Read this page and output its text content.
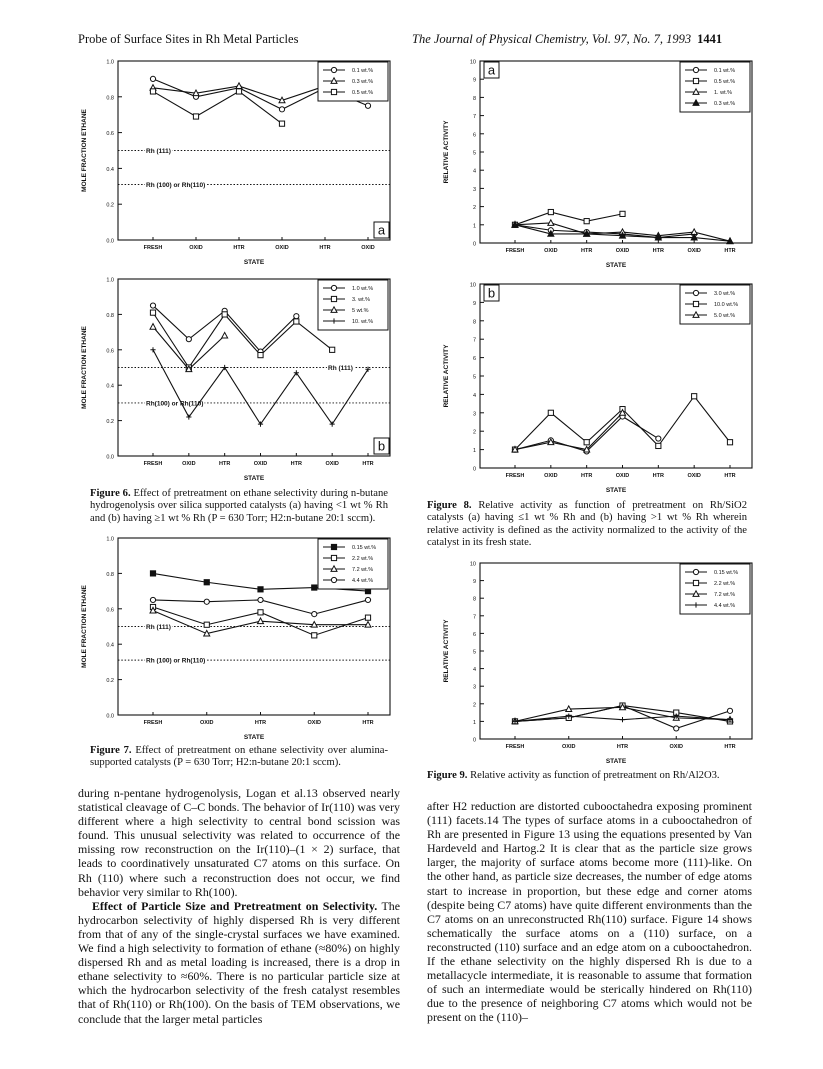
Probe of Surface Sites in Rh Metal Particles	The Journal of Physical Chemistry, Vol. 97, No. 7, 1993 1441
0.0
0.2
0.4
0.6
0.8
1.0
FRESH	OXID	HTR	OXID	HTR	OXID
STATE
MOLE FRACTION ETHANE	Rh (111)
Rh (100) or Rh(110)
0.1 wt.%
0.3 wt.%
0.5 wt.%
a
0.0
0.2
0.4
0.6
0.8
1.0
FRESH	OXID	HTR	OXID	HTR	OXID	HTR
STATE
MOLE FRACTION ETHANE	Rh (111)
Rh(100) or Rh(110)
1.0 wt.%
3. wt.%
5 wt.%
10. wt.%
b
0.0
0.2
0.4
0.6
0.8
1.0
FRESH	OXID	HTR	OXID	HTR
STATE
MOLE FRACTION ETHANE	Rh (111)
Rh (100) or Rh(110)
0.15 wt.%
2.2 wt.%
7.2 wt.%
4.4 wt.%
0
1
2
3
4
5
6
7
8
9
10
FRESH	OXID	HTR	OXID	HTR	OXID	HTR
STATE
RELATIVE ACTIVITY
0.1 wt.%
0.5 wt.%
1. wt.%
0.3 wt.%
a
0
1
2
3
4
5
6
7
8
9
10
FRESH	OXID	HTR	OXID	HTR	OXID	HTR
STATE
RELATIVE ACTIVITY
3.0 wt.%
10.0 wt.%
5.0 wt.%
b
0
1
2
3
4
5
6
7
8
9
10
FRESH	OXID	HTR	OXID	HTR
STATE
RELATIVE ACTIVITY
0.15 wt.%
2.2 wt.%
7.2 wt.%
4.4 wt.%
Figure 6. Effect of pretreatment on ethane selectivity during n-butane hydrogenolysis over silica supported catalysts (a) having <1 wt % Rh and (b) having ≥1 wt % Rh (P = 630 Torr; H2:n-butane 20:1 sccm).
Figure 7. Effect of pretreatment on ethane selectivity over alumina-supported catalysts (P = 630 Torr; H2:n-butane 20:1 sccm).
Figure 8. Relative activity as function of pretreatment on Rh/SiO2 catalysts (a) having ≤1 wt % Rh and (b) having >1 wt % Rh wherein relative activity is defined as the activity normalized to the activity of the catalyst in its fresh state.
Figure 9. Relative activity as function of pretreatment on Rh/Al2O3.

during n-pentane hydrogenolysis, Logan et al.13 observed nearly statistical cleavage of C–C bonds. The behavior of Ir(110) was very different where a high selectivity to central bond scission was found. This unusual selectivity was related to occurrence of the missing row reconstruction on the Ir(110)–(1 × 2) surface, that leads to coordinatively unsaturated C7 atoms on this surface. On Rh (110) where such a reconstruction does not occur, we find behavior very similar to Rh(100).

Effect of Particle Size and Pretreatment on Selectivity. The hydrocarbon selectivity of highly dispersed Rh is very different from that of any of the single-crystal surfaces we have examined. We find a high selectivity to formation of ethane (≈80%) on highly dispersed Rh and as metal loading is increased, there is a drop in ethane selectivity to ≈60%. There is no particular particle size at which the hydrocarbon selectivity of the fresh catalyst resembles that of Rh(110) or Rh(100). On the basis of TEM observations, we conclude that the larger metal particles

after H2 reduction are distorted cubooctahedra exposing prominent (111) facets.14 The types of surface atoms in a cubooctahedron of Rh are presented in Figure 13 using the equations presented by Van Hardeveld and Hartog.2 It is clear that as the particle size grows larger, the majority of surface atoms become more (111)-like. On the other hand, as particle size decreases, the number of edge atoms start to increase in proportion, but these edge and corner atoms (despite being C7 atoms) have quite different environments than the C7 atoms on an unreconstructed Rh(110) surface. Figure 14 shows schematically the surface atoms on a (110) surface, on a reconstructed (110) surface and an edge atom on a cubooctahedron. If the ethane selectivity on the highly dispersed Rh is due to a metallacycle intermediate, it is reasonable to assume that formation of such an intermediate would be sterically hindered on Rh(110) due to the presence of neighboring C7 atoms which would not be present on the (110)–
